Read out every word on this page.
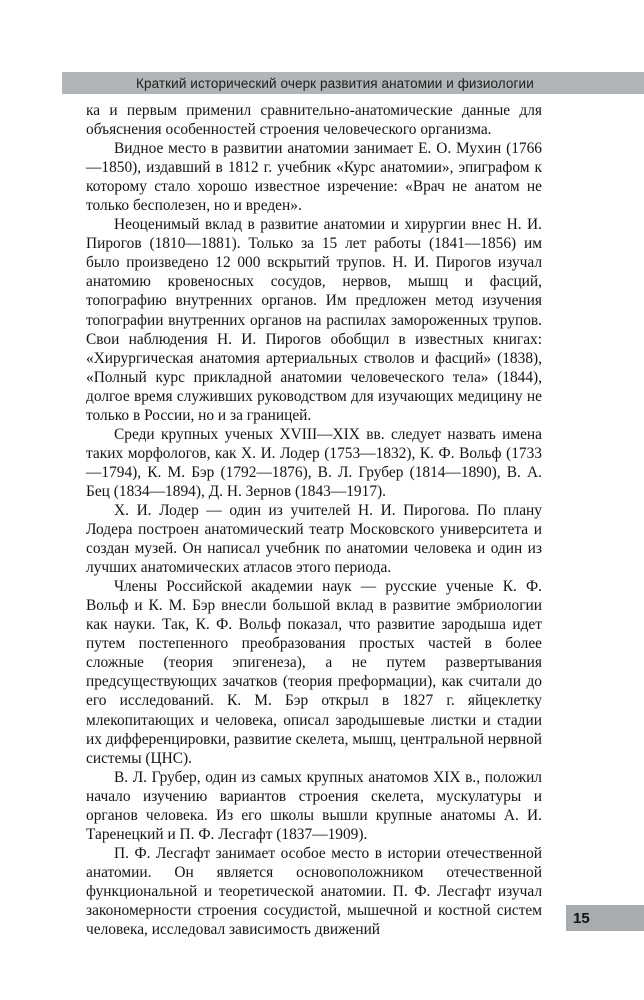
Краткий исторический очерк развития анатомии и физиологии

ка и первым применил сравнительно-анатомические данные для объяснения особенностей строения человеческого организма.

Видное место в развитии анатомии занимает Е. О. Мухин (1766—1850), издавший в 1812 г. учебник «Курс анатомии», эпиграфом к которому стало хорошо известное изречение: «Врач не анатом не только бесполезен, но и вреден».

Неоценимый вклад в развитие анатомии и хирургии внес Н. И. Пирогов (1810—1881). Только за 15 лет работы (1841—1856) им было произведено 12 000 вскрытий трупов. Н. И. Пирогов изучал анатомию кровеносных сосудов, нервов, мышц и фасций, топографию внутренних органов. Им предложен метод изучения топографии внутренних органов на распилах замороженных трупов. Свои наблюдения Н. И. Пирогов обобщил в известных книгах: «Хирургическая анатомия артериальных стволов и фасций» (1838), «Полный курс прикладной анатомии человеческого тела» (1844), долгое время служивших руководством для изучающих медицину не только в России, но и за границей.

Среди крупных ученых XVIII—XIX вв. следует назвать имена таких морфологов, как Х. И. Лодер (1753—1832), К. Ф. Вольф (1733—1794), К. М. Бэр (1792—1876), В. Л. Грубер (1814—1890), В. А. Бец (1834—1894), Д. Н. Зернов (1843—1917).

Х. И. Лодер — один из учителей Н. И. Пирогова. По плану Лодера построен анатомический театр Московского университета и создан музей. Он написал учебник по анатомии человека и один из лучших анатомических атласов этого периода.

Члены Российской академии наук — русские ученые К. Ф. Вольф и К. М. Бэр внесли большой вклад в развитие эмбриологии как науки. Так, К. Ф. Вольф показал, что развитие зародыша идет путем постепенного преобразования простых частей в более сложные (теория эпигенеза), а не путем развертывания предсуществующих зачатков (теория преформации), как считали до его исследований. К. М. Бэр открыл в 1827 г. яйцеклетку млекопитающих и человека, описал зародышевые листки и стадии их дифференцировки, развитие скелета, мышц, центральной нервной системы (ЦНС).

В. Л. Грубер, один из самых крупных анатомов XIX в., положил начало изучению вариантов строения скелета, мускулатуры и органов человека. Из его школы вышли крупные анатомы А. И. Таренецкий и П. Ф. Лесгафт (1837—1909).

П. Ф. Лесгафт занимает особое место в истории отечественной анатомии. Он является основоположником отечественной функциональной и теоретической анатомии. П. Ф. Лесгафт изучал закономерности строения сосудистой, мышечной и костной систем человека, исследовал зависимость движений

15
